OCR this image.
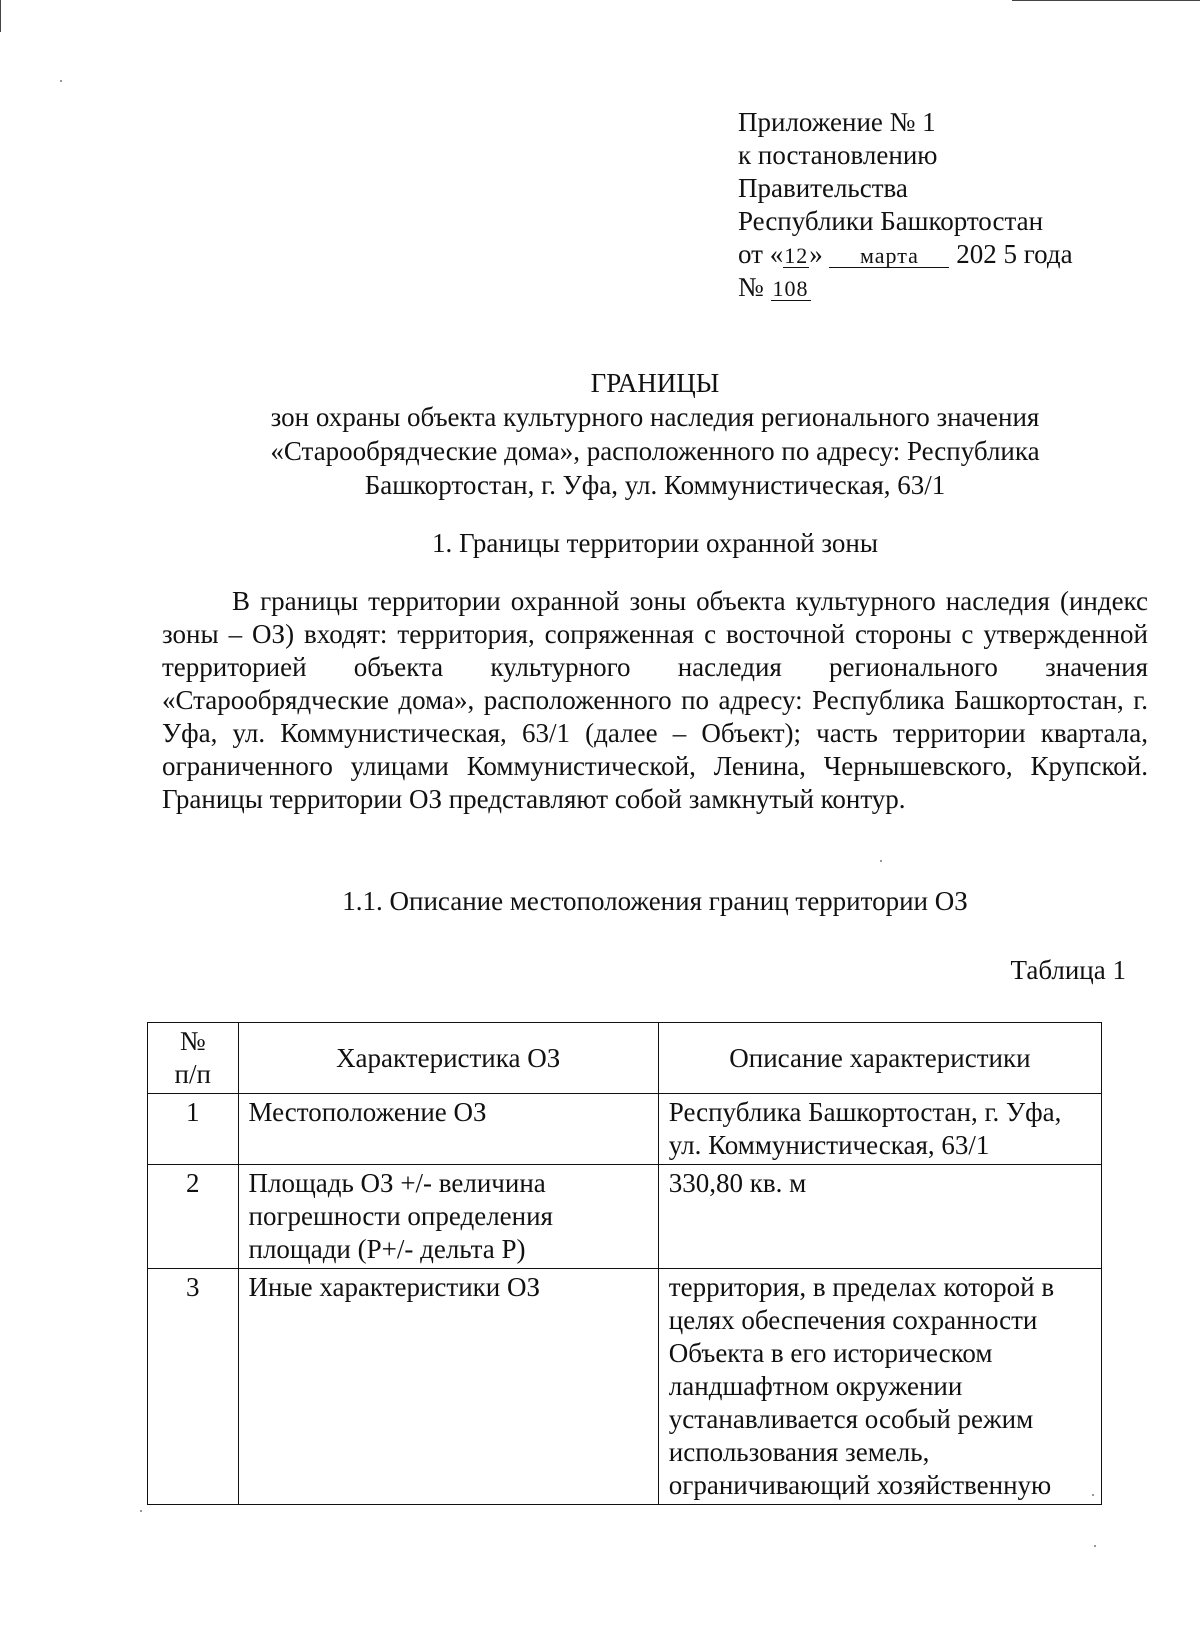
Приложение № 1
к постановлению
Правительства
Республики Башкортостан
от «12» марта 202 5 года
№ 108
ГРАНИЦЫ
зон охраны объекта культурного наследия регионального значения
«Старообрядческие дома», расположенного по адресу: Республика
Башкортостан, г. Уфа, ул. Коммунистическая, 63/1
1. Границы территории охранной зоны
В границы территории охранной зоны объекта культурного наследия (индекс зоны – ОЗ) входят: территория, сопряженная с восточной стороны с утвержденной территорией объекта культурного наследия регионального значения «Старообрядческие дома», расположенного по адресу: Республика Башкортостан, г. Уфа, ул. Коммунистическая, 63/1 (далее – Объект); часть территории квартала, ограниченного улицами Коммунистической, Ленина, Чернышевского, Крупской. Границы территории ОЗ представляют собой замкнутый контур.
1.1. Описание местоположения границ территории ОЗ
Таблица 1
№
п/п	Характеристика ОЗ	Описание характеристики
1	Местоположение ОЗ	Республика Башкортостан, г. Уфа, ул. Коммунистическая, 63/1
2	Площадь ОЗ +/- величина погрешности определения площади (Р+/- дельта Р)	330,80 кв. м
3	Иные характеристики ОЗ	территория, в пределах которой в целях обеспечения сохранности Объекта в его историческом ландшафтном окружении устанавливается особый режим использования земель, ограничивающий хозяйственную
